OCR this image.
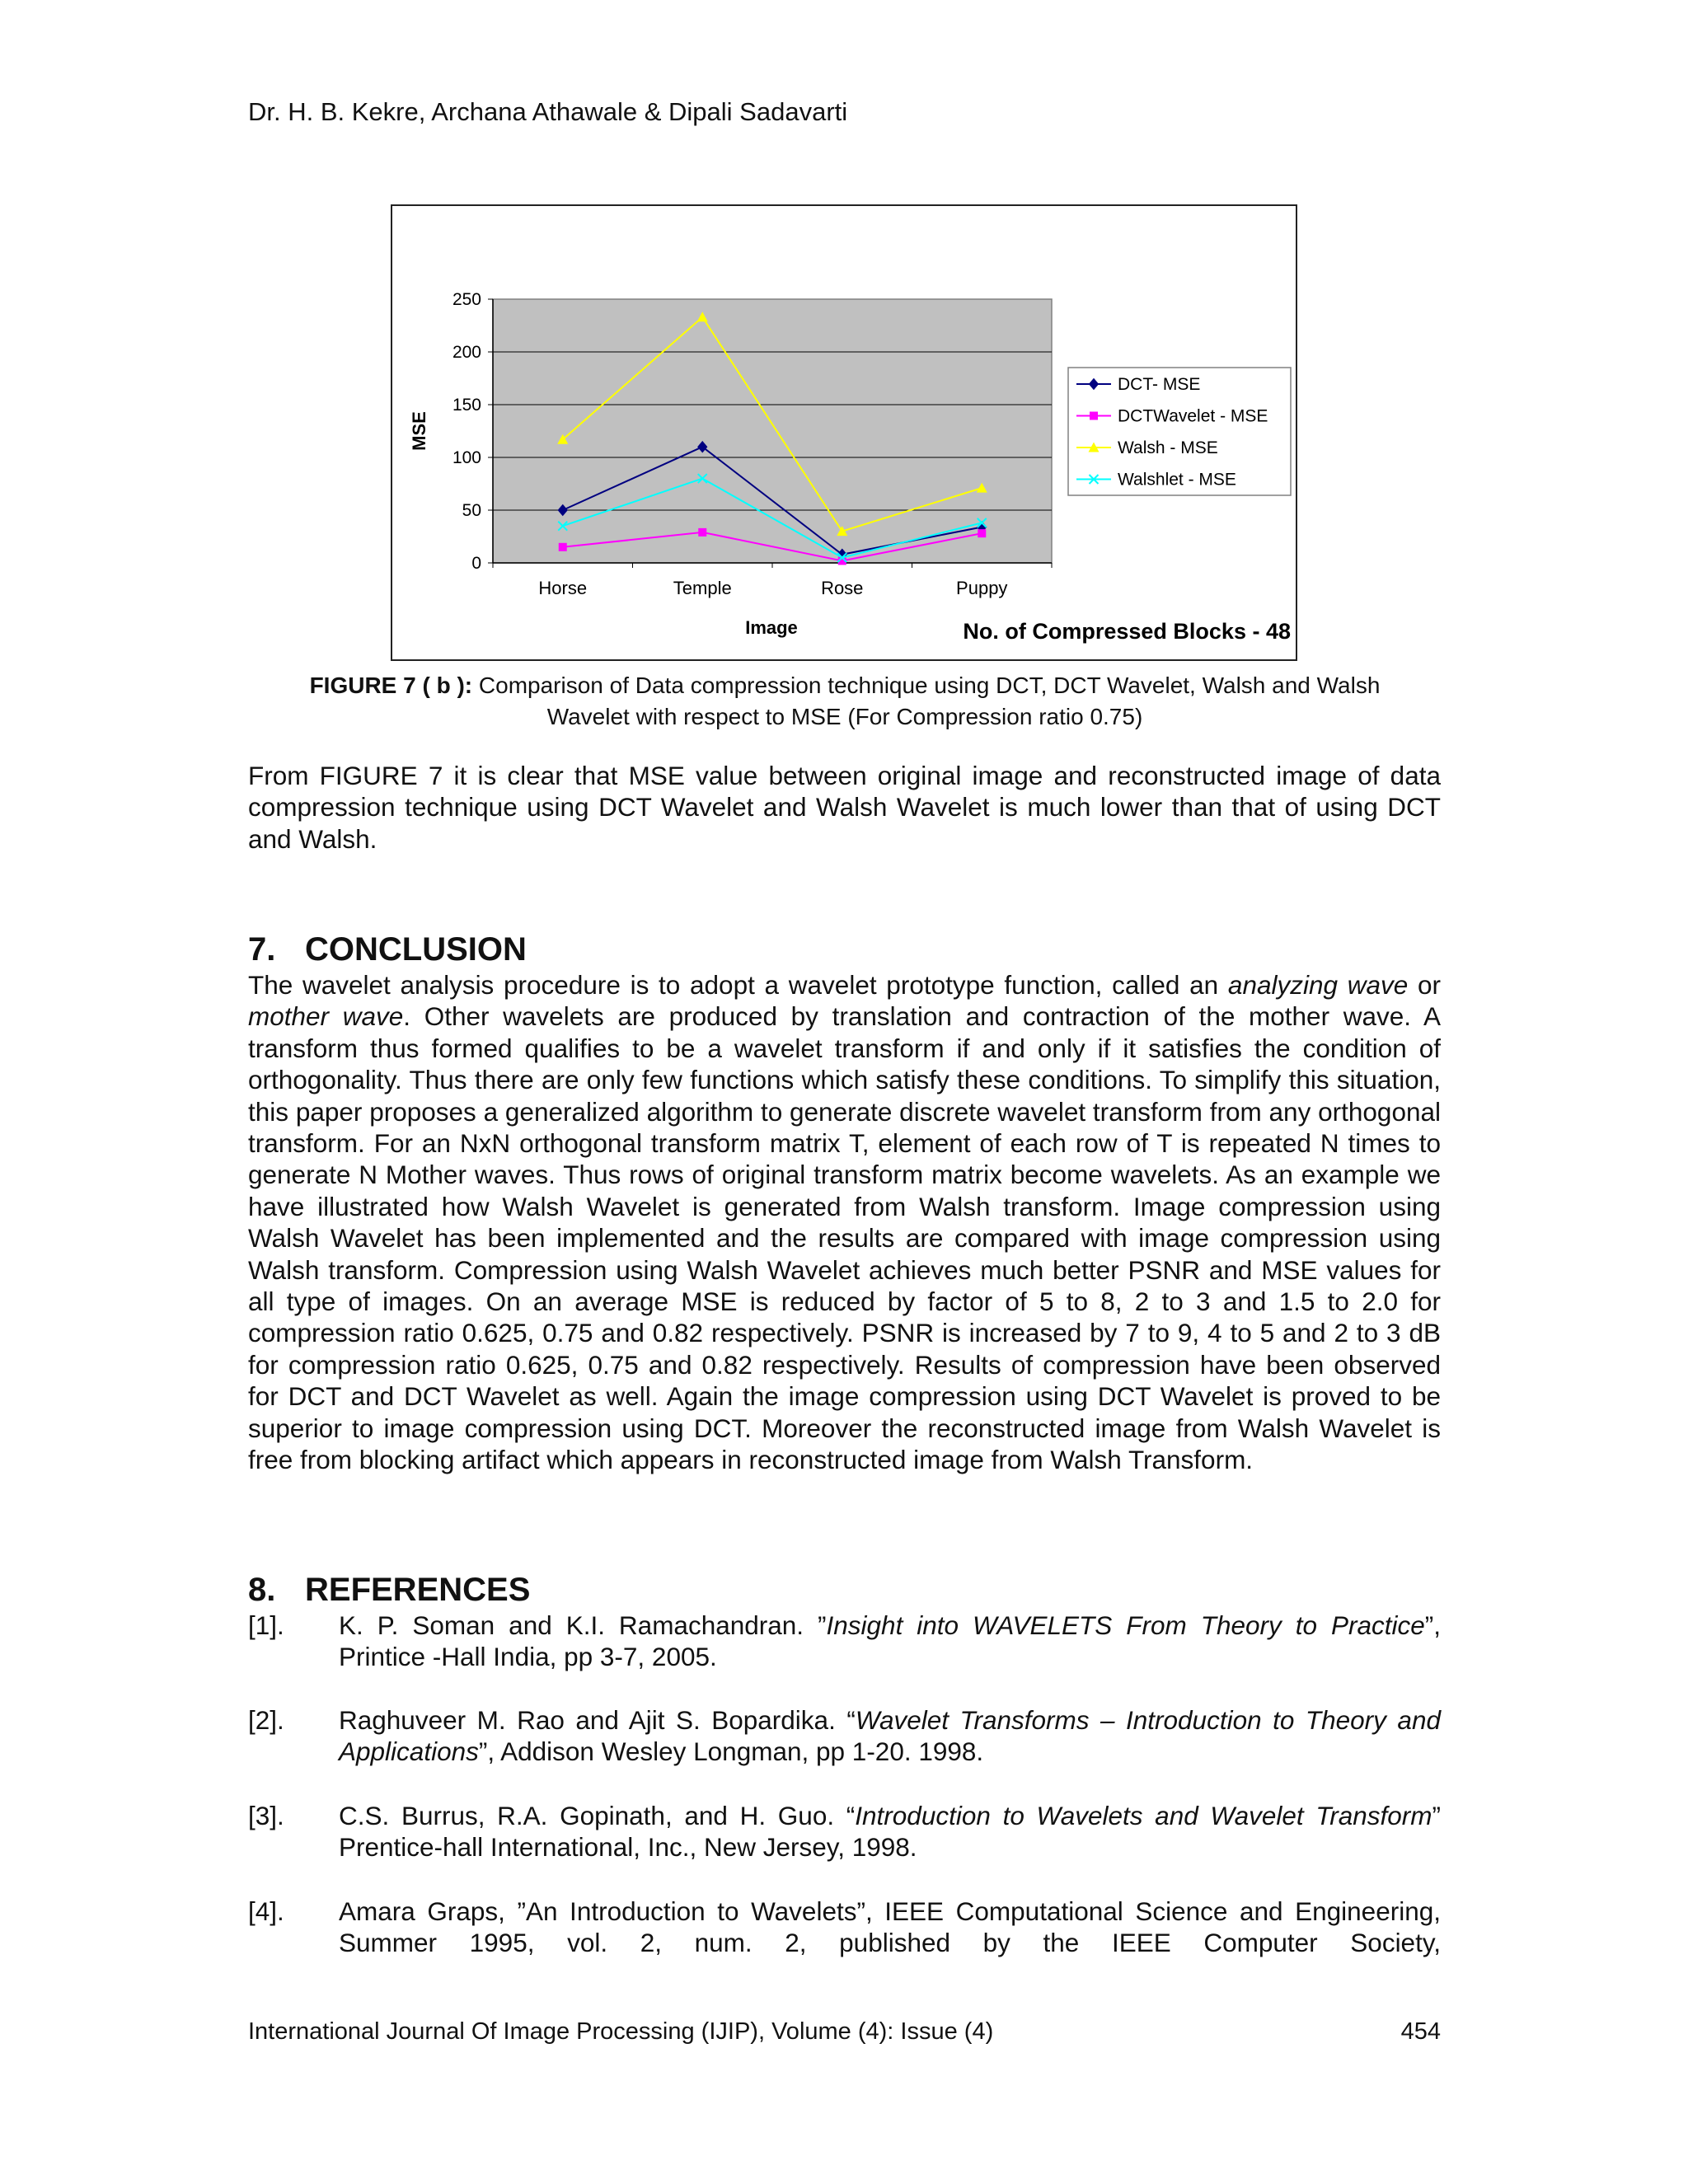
Dr. H. B. Kekre, Archana Athawale & Dipali Sadavarti
0
50
100
150
200
250
Horse	Temple	Rose	Puppy
MSE
Image	No. of Compressed Blocks - 48
DCT- MSE
DCTWavelet - MSE
Walsh - MSE
Walshlet - MSE
FIGURE 7 ( b ): Comparison of Data compression technique using DCT, DCT Wavelet, Walsh and Walsh
Wavelet with respect to MSE (For Compression ratio 0.75)

From FIGURE 7 it is clear that MSE value between original image and reconstructed image of data compression technique using DCT Wavelet and Walsh Wavelet is much lower than that of using DCT and Walsh.

7. CONCLUSION

The wavelet analysis procedure is to adopt a wavelet prototype function, called an analyzing wave or mother wave. Other wavelets are produced by translation and contraction of the mother wave. A transform thus formed qualifies to be a wavelet transform if and only if it satisfies the condition of orthogonality. Thus there are only few functions which satisfy these conditions. To simplify this situation, this paper proposes a generalized algorithm to generate discrete wavelet transform from any orthogonal transform. For an NxN orthogonal transform matrix T, element of each row of T is repeated N times to generate N Mother waves. Thus rows of original transform matrix become wavelets. As an example we have illustrated how Walsh Wavelet is generated from Walsh transform. Image compression using Walsh Wavelet has been implemented and the results are compared with image compression using Walsh transform. Compression using Walsh Wavelet achieves much better PSNR and MSE values for all type of images. On an average MSE is reduced by factor of 5 to 8, 2 to 3 and 1.5 to 2.0 for compression ratio 0.625, 0.75 and 0.82 respectively. PSNR is increased by 7 to 9, 4 to 5 and 2 to 3 dB for compression ratio 0.625, 0.75 and 0.82 respectively. Results of compression have been observed for DCT and DCT Wavelet as well. Again the image compression using DCT Wavelet is proved to be superior to image compression using DCT. Moreover the reconstructed image from Walsh Wavelet is free from blocking artifact which appears in reconstructed image from Walsh Transform.

8. REFERENCES
[1]. K. P. Soman and K.I. Ramachandran. ”Insight into WAVELETS From Theory to Practice”, Printice -Hall India, pp 3-7, 2005.
[2]. Raghuveer M. Rao and Ajit S. Bopardika. “Wavelet Transforms – Introduction to Theory and Applications”, Addison Wesley Longman, pp 1-20. 1998.
[3]. C.S. Burrus, R.A. Gopinath, and H. Guo. “Introduction to Wavelets and Wavelet Transform” Prentice-hall International, Inc., New Jersey, 1998.
[4]. Amara Graps, ”An Introduction to Wavelets”, IEEE Computational Science and Engineering, Summer 1995, vol. 2, num. 2, published by the IEEE Computer Society,
International Journal Of Image Processing (IJIP), Volume (4): Issue (4)	454
